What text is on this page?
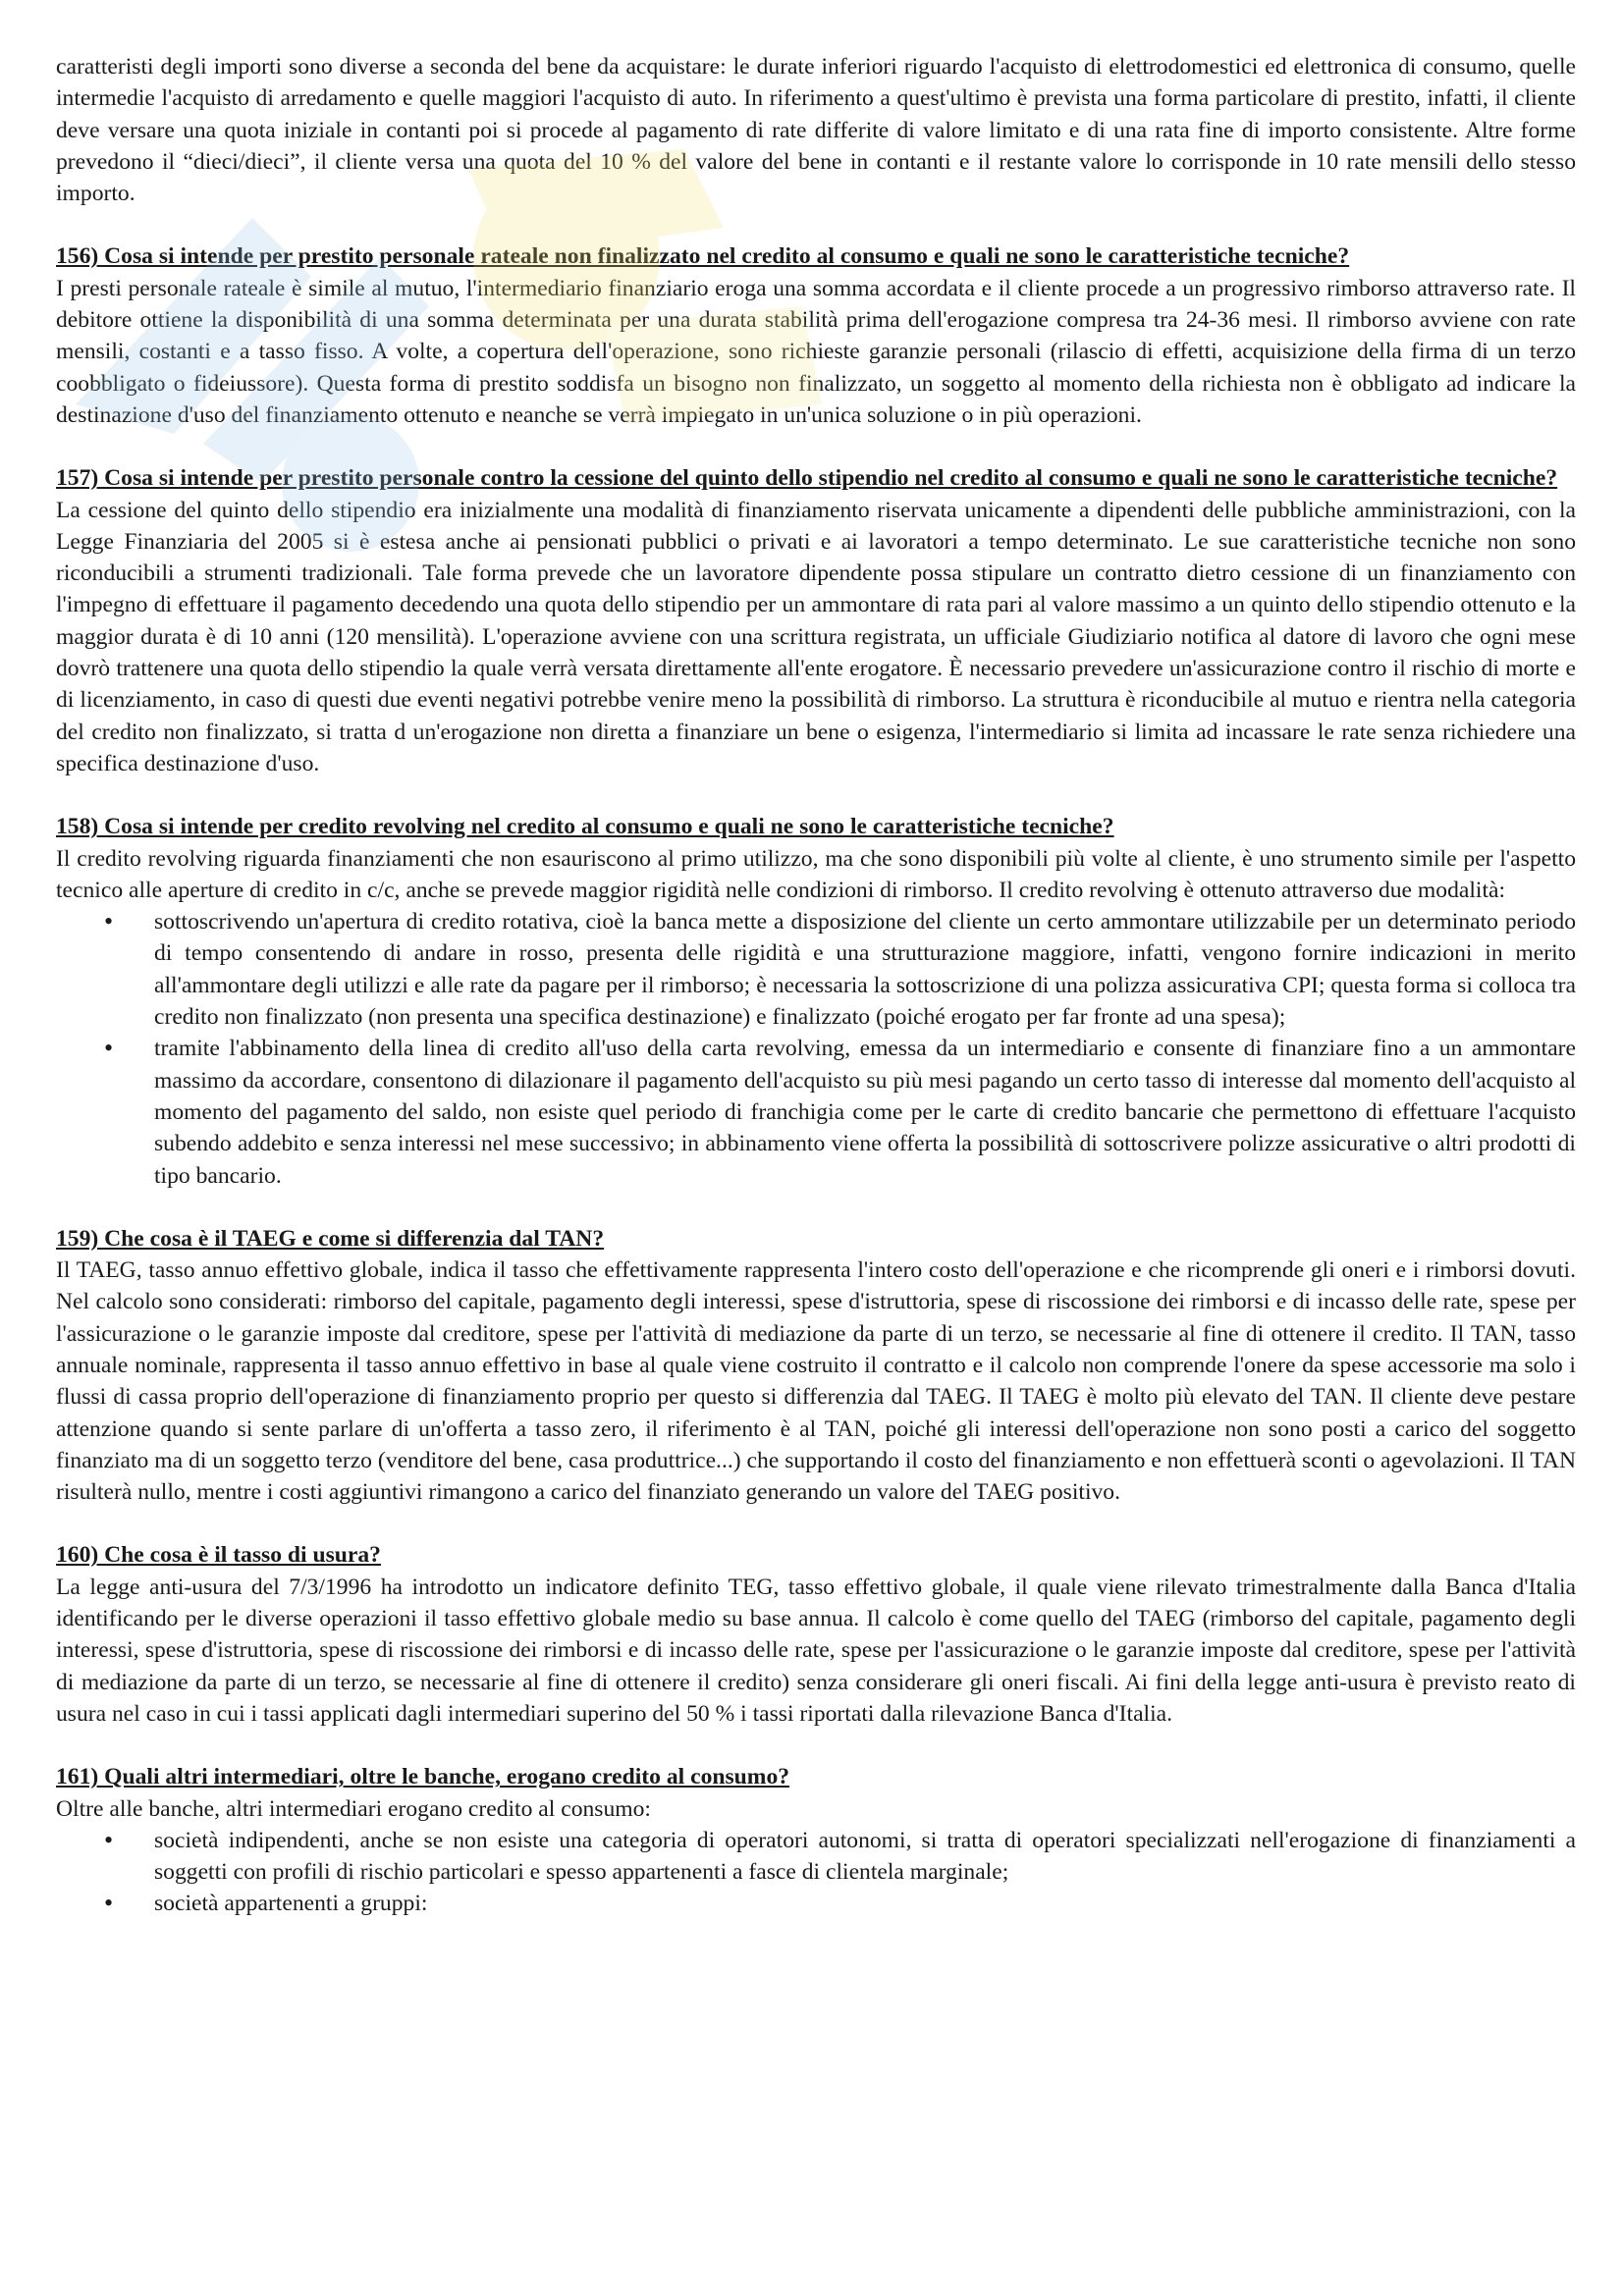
caratteristi degli importi sono diverse a seconda del bene da acquistare: le durate inferiori riguardo l'acquisto di elettrodomestici ed elettronica di consumo, quelle intermedie l'acquisto di arredamento e quelle maggiori l'acquisto di auto. In riferimento a quest'ultimo è prevista una forma particolare di prestito, infatti, il cliente deve versare una quota iniziale in contanti poi si procede al pagamento di rate differite di valore limitato e di una rata fine di importo consistente. Altre forme prevedono il “dieci/dieci”, il cliente versa una quota del 10 % del valore del bene in contanti e il restante valore lo corrisponde in 10 rate mensili dello stesso importo.

156) Cosa si intende per prestito personale rateale non finalizzato nel credito al consumo e quali ne sono le caratteristiche tecniche?

I presti personale rateale è simile al mutuo, l'intermediario finanziario eroga una somma accordata e il cliente procede a un progressivo rimborso attraverso rate. Il debitore ottiene la disponibilità di una somma determinata per una durata stabilità prima dell'erogazione compresa tra 24-36 mesi. Il rimborso avviene con rate mensili, costanti e a tasso fisso. A volte, a copertura dell'operazione, sono richieste garanzie personali (rilascio di effetti, acquisizione della firma di un terzo coobbligato o fideiussore). Questa forma di prestito soddisfa un bisogno non finalizzato, un soggetto al momento della richiesta non è obbligato ad indicare la destinazione d'uso del finanziamento ottenuto e neanche se verrà impiegato in un'unica soluzione o in più operazioni.

157) Cosa si intende per prestito personale contro la cessione del quinto dello stipendio nel credito al consumo e quali ne sono le caratteristiche tecniche?

La cessione del quinto dello stipendio era inizialmente una modalità di finanziamento riservata unicamente a dipendenti delle pubbliche amministrazioni, con la Legge Finanziaria del 2005 si è estesa anche ai pensionati pubblici o privati e ai lavoratori a tempo determinato. Le sue caratteristiche tecniche non sono riconducibili a strumenti tradizionali. Tale forma prevede che un lavoratore dipendente possa stipulare un contratto dietro cessione di un finanziamento con l'impegno di effettuare il pagamento decedendo una quota dello stipendio per un ammontare di rata pari al valore massimo a un quinto dello stipendio ottenuto e la maggior durata è di 10 anni (120 mensilità). L'operazione avviene con una scrittura registrata, un ufficiale Giudiziario notifica al datore di lavoro che ogni mese dovrò trattenere una quota dello stipendio la quale verrà versata direttamente all'ente erogatore. È necessario prevedere un'assicurazione contro il rischio di morte e di licenziamento, in caso di questi due eventi negativi potrebbe venire meno la possibilità di rimborso. La struttura è riconducibile al mutuo e rientra nella categoria del credito non finalizzato, si tratta d un'erogazione non diretta a finanziare un bene o esigenza, l'intermediario si limita ad incassare le rate senza richiedere una specifica destinazione d'uso.

158) Cosa si intende per credito revolving nel credito al consumo e quali ne sono le caratteristiche tecniche?

Il credito revolving riguarda finanziamenti che non esauriscono al primo utilizzo, ma che sono disponibili più volte al cliente, è uno strumento simile per l'aspetto tecnico alle aperture di credito in c/c, anche se prevede maggior rigidità nelle condizioni di rimborso. Il credito revolving è ottenuto attraverso due modalità:

• sottoscrivendo un'apertura di credito rotativa, cioè la banca mette a disposizione del cliente un certo ammontare utilizzabile per un determinato periodo di tempo consentendo di andare in rosso, presenta delle rigidità e una strutturazione maggiore, infatti, vengono fornire indicazioni in merito all'ammontare degli utilizzi e alle rate da pagare per il rimborso; è necessaria la sottoscrizione di una polizza assicurativa CPI; questa forma si colloca tra credito non finalizzato (non presenta una specifica destinazione) e finalizzato (poiché erogato per far fronte ad una spesa);
• tramite l'abbinamento della linea di credito all'uso della carta revolving, emessa da un intermediario e consente di finanziare fino a un ammontare massimo da accordare, consentono di dilazionare il pagamento dell'acquisto su più mesi pagando un certo tasso di interesse dal momento dell'acquisto al momento del pagamento del saldo, non esiste quel periodo di franchigia come per le carte di credito bancarie che permettono di effettuare l'acquisto subendo addebito e senza interessi nel mese successivo; in abbinamento viene offerta la possibilità di sottoscrivere polizze assicurative o altri prodotti di tipo bancario.

159) Che cosa è il TAEG e come si differenzia dal TAN?

Il TAEG, tasso annuo effettivo globale, indica il tasso che effettivamente rappresenta l'intero costo dell'operazione e che ricomprende gli oneri e i rimborsi dovuti. Nel calcolo sono considerati: rimborso del capitale, pagamento degli interessi, spese d'istruttoria, spese di riscossione dei rimborsi e di incasso delle rate, spese per l'assicurazione o le garanzie imposte dal creditore, spese per l'attività di mediazione da parte di un terzo, se necessarie al fine di ottenere il credito. Il TAN, tasso annuale nominale, rappresenta il tasso annuo effettivo in base al quale viene costruito il contratto e il calcolo non comprende l'onere da spese accessorie ma solo i flussi di cassa proprio dell'operazione di finanziamento proprio per questo si differenzia dal TAEG. Il TAEG è molto più elevato del TAN. Il cliente deve pestare attenzione quando si sente parlare di un'offerta a tasso zero, il riferimento è al TAN, poiché gli interessi dell'operazione non sono posti a carico del soggetto finanziato ma di un soggetto terzo (venditore del bene, casa produttrice...) che supportando il costo del finanziamento e non effettuerà sconti o agevolazioni. Il TAN risulterà nullo, mentre i costi aggiuntivi rimangono a carico del finanziato generando un valore del TAEG positivo.

160) Che cosa è il tasso di usura?

La legge anti-usura del 7/3/1996 ha introdotto un indicatore definito TEG, tasso effettivo globale, il quale viene rilevato trimestralmente dalla Banca d'Italia identificando per le diverse operazioni il tasso effettivo globale medio su base annua. Il calcolo è come quello del TAEG (rimborso del capitale, pagamento degli interessi, spese d'istruttoria, spese di riscossione dei rimborsi e di incasso delle rate, spese per l'assicurazione o le garanzie imposte dal creditore, spese per l'attività di mediazione da parte di un terzo, se necessarie al fine di ottenere il credito) senza considerare gli oneri fiscali. Ai fini della legge anti-usura è previsto reato di usura nel caso in cui i tassi applicati dagli intermediari superino del 50 % i tassi riportati dalla rilevazione Banca d'Italia.

161) Quali altri intermediari, oltre le banche, erogano credito al consumo?

Oltre alle banche, altri intermediari erogano credito al consumo:

• società indipendenti, anche se non esiste una categoria di operatori autonomi, si tratta di operatori specializzati nell'erogazione di finanziamenti a soggetti con profili di rischio particolari e spesso appartenenti a fasce di clientela marginale;
• società appartenenti a gruppi:
